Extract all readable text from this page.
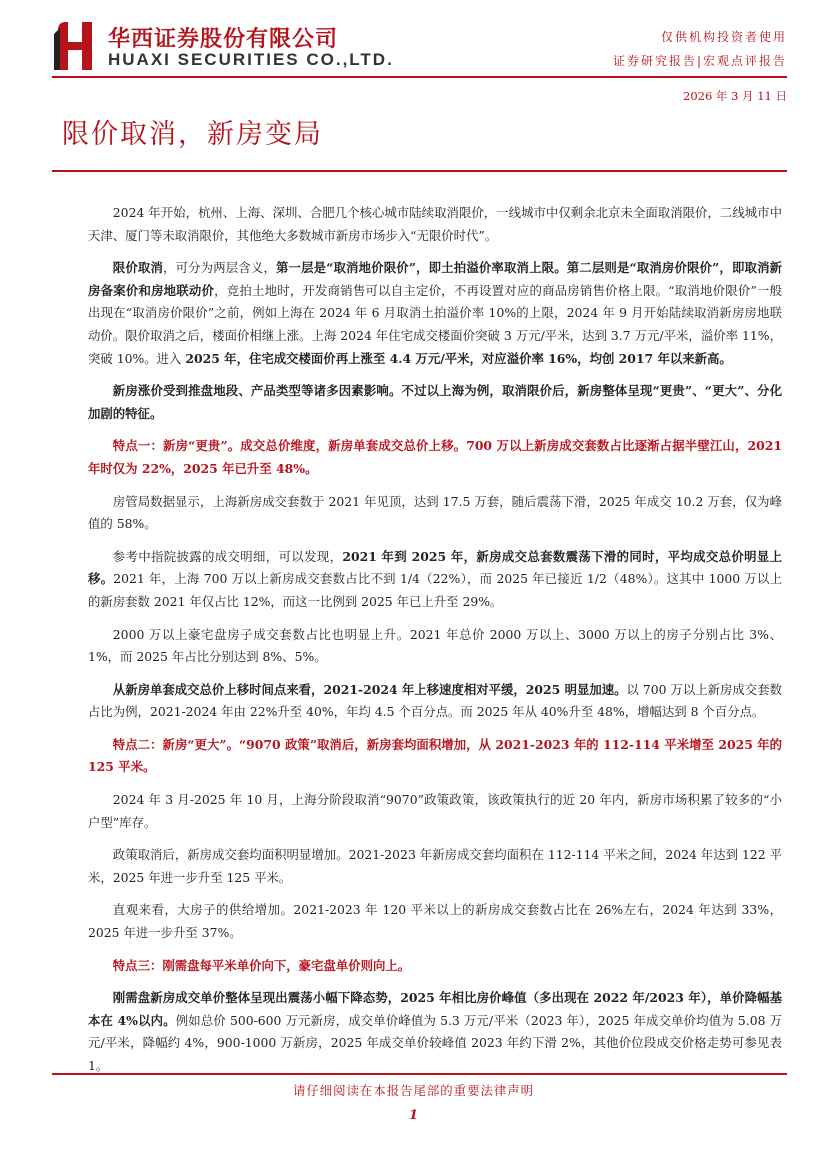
华西证券股份有限公司
HUAXI SECURITIES CO.,LTD.
仅供机构投资者使用
证券研究报告|宏观点评报告
2026 年 3 月 11 日
限价取消，新房变局

2024 年开始，杭州、上海、深圳、合肥几个核心城市陆续取消限价，一线城市中仅剩余北京未全面取消限价，二线城市中天津、厦门等未取消限价，其他绝大多数城市新房市场步入“无限价时代”。

限价取消，可分为两层含义，第一层是“取消地价限价”，即土拍溢价率取消上限。第二层则是“取消房价限价”，即取消新房备案价和房地联动价，竞拍土地时，开发商销售可以自主定价，不再设置对应的商品房销售价格上限。“取消地价限价”一般出现在“取消房价限价”之前，例如上海在 2024 年 6 月取消土拍溢价率 10%的上限，2024 年 9 月开始陆续取消新房房地联动价。限价取消之后，楼面价相继上涨。上海 2024 年住宅成交楼面价突破 3 万元/平米，达到 3.7 万元/平米，溢价率 11%，突破 10%。进入 2025 年，住宅成交楼面价再上涨至 4.4 万元/平米，对应溢价率 16%，均创 2017 年以来新高。

新房涨价受到推盘地段、产品类型等诸多因素影响。不过以上海为例，取消限价后，新房整体呈现“更贵”、“更大”、分化加剧的特征。

特点一：新房“更贵”。成交总价维度，新房单套成交总价上移。700 万以上新房成交套数占比逐渐占据半壁江山，2021 年时仅为 22%，2025 年已升至 48%。

房管局数据显示，上海新房成交套数于 2021 年见顶，达到 17.5 万套，随后震荡下滑，2025 年成交 10.2 万套，仅为峰值的 58%。

参考中指院披露的成交明细，可以发现，2021 年到 2025 年，新房成交总套数震荡下滑的同时，平均成交总价明显上移。2021 年，上海 700 万以上新房成交套数占比不到 1/4（22%），而 2025 年已接近 1/2（48%）。这其中 1000 万以上的新房套数 2021 年仅占比 12%，而这一比例到 2025 年已上升至 29%。

2000 万以上豪宅盘房子成交套数占比也明显上升。2021 年总价 2000 万以上、3000 万以上的房子分别占比 3%、1%，而 2025 年占比分别达到 8%、5%。

从新房单套成交总价上移时间点来看，2021-2024 年上移速度相对平缓，2025 明显加速。以 700 万以上新房成交套数占比为例，2021-2024 年由 22%升至 40%，年均 4.5 个百分点。而 2025 年从 40%升至 48%，增幅达到 8 个百分点。

特点二：新房“更大”。“9070 政策”取消后，新房套均面积增加，从 2021-2023 年的 112-114 平米增至 2025 年的 125 平米。

2024 年 3 月-2025 年 10 月，上海分阶段取消“9070”政策政策，该政策执行的近 20 年内，新房市场积累了较多的“小户型”库存。

政策取消后，新房成交套均面积明显增加。2021-2023 年新房成交套均面积在 112-114 平米之间，2024 年达到 122 平米，2025 年进一步升至 125 平米。

直观来看，大房子的供给增加。2021-2023 年 120 平米以上的新房成交套数占比在 26%左右，2024 年达到 33%，2025 年进一步升至 37%。

特点三：刚需盘每平米单价向下，豪宅盘单价则向上。

刚需盘新房成交单价整体呈现出震荡小幅下降态势，2025 年相比房价峰值（多出现在 2022 年/2023 年），单价降幅基本在 4%以内。例如总价 500-600 万元新房，成交单价峰值为 5.3 万元/平米（2023 年），2025 年成交单价均值为 5.08 万元/平米，降幅约 4%，900-1000 万新房，2025 年成交单价较峰值 2023 年约下滑 2%，其他价位段成交价格走势可参见表 1。

请仔细阅读在本报告尾部的重要法律声明
1
